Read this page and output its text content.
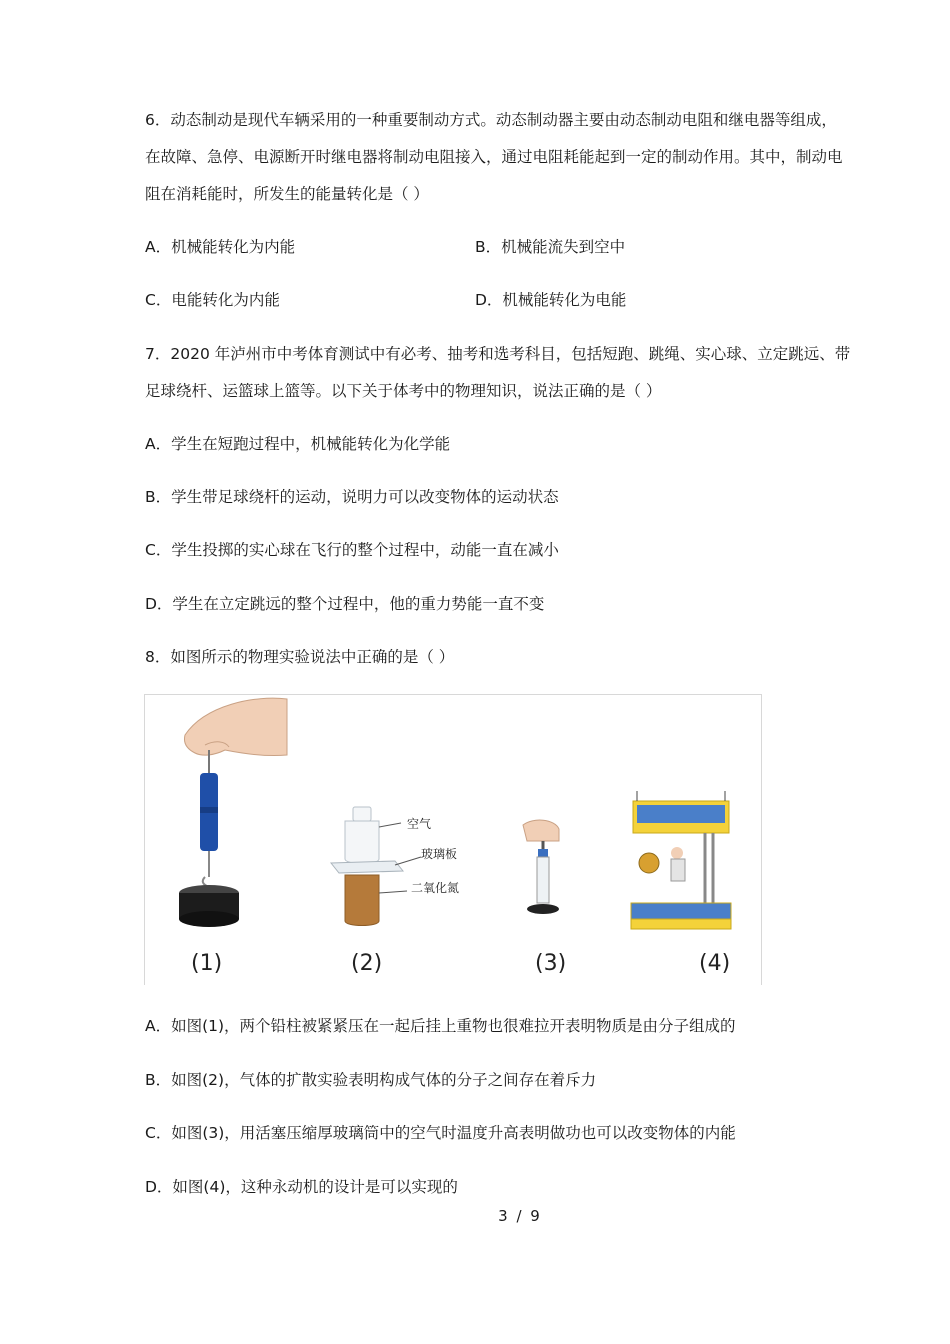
6．动态制动是现代车辆采用的一种重要制动方式。动态制动器主要由动态制动电阻和继电器等组成，
在故障、急停、电源断开时继电器将制动电阻接入，通过电阻耗能起到一定的制动作用。其中，制动电
阻在消耗能时，所发生的能量转化是（ ）
A．机械能转化为内能	B．机械能流失到空中
C．电能转化为内能	D．机械能转化为电能
7．2020 年泸州市中考体育测试中有必考、抽考和选考科目，包括短跑、跳绳、实心球、立定跳远、带
足球绕杆、运篮球上篮等。以下关于体考中的物理知识，说法正确的是（ ）
A．学生在短跑过程中，机械能转化为化学能
B．学生带足球绕杆的运动，说明力可以改变物体的运动状态
C．学生投掷的实心球在飞行的整个过程中，动能一直在减小
D．学生在立定跳远的整个过程中，他的重力势能一直不变
8．如图所示的物理实验说法中正确的是（ ）
空气
玻璃板
二氧化氮
(1)	(2)	(3)	(4)
A．如图(1)，两个铅柱被紧紧压在一起后挂上重物也很难拉开表明物质是由分子组成的
B．如图(2)，气体的扩散实验表明构成气体的分子之间存在着斥力
C．如图(3)，用活塞压缩厚玻璃筒中的空气时温度升高表明做功也可以改变物体的内能
D．如图(4)，这种永动机的设计是可以实现的
3 / 9
